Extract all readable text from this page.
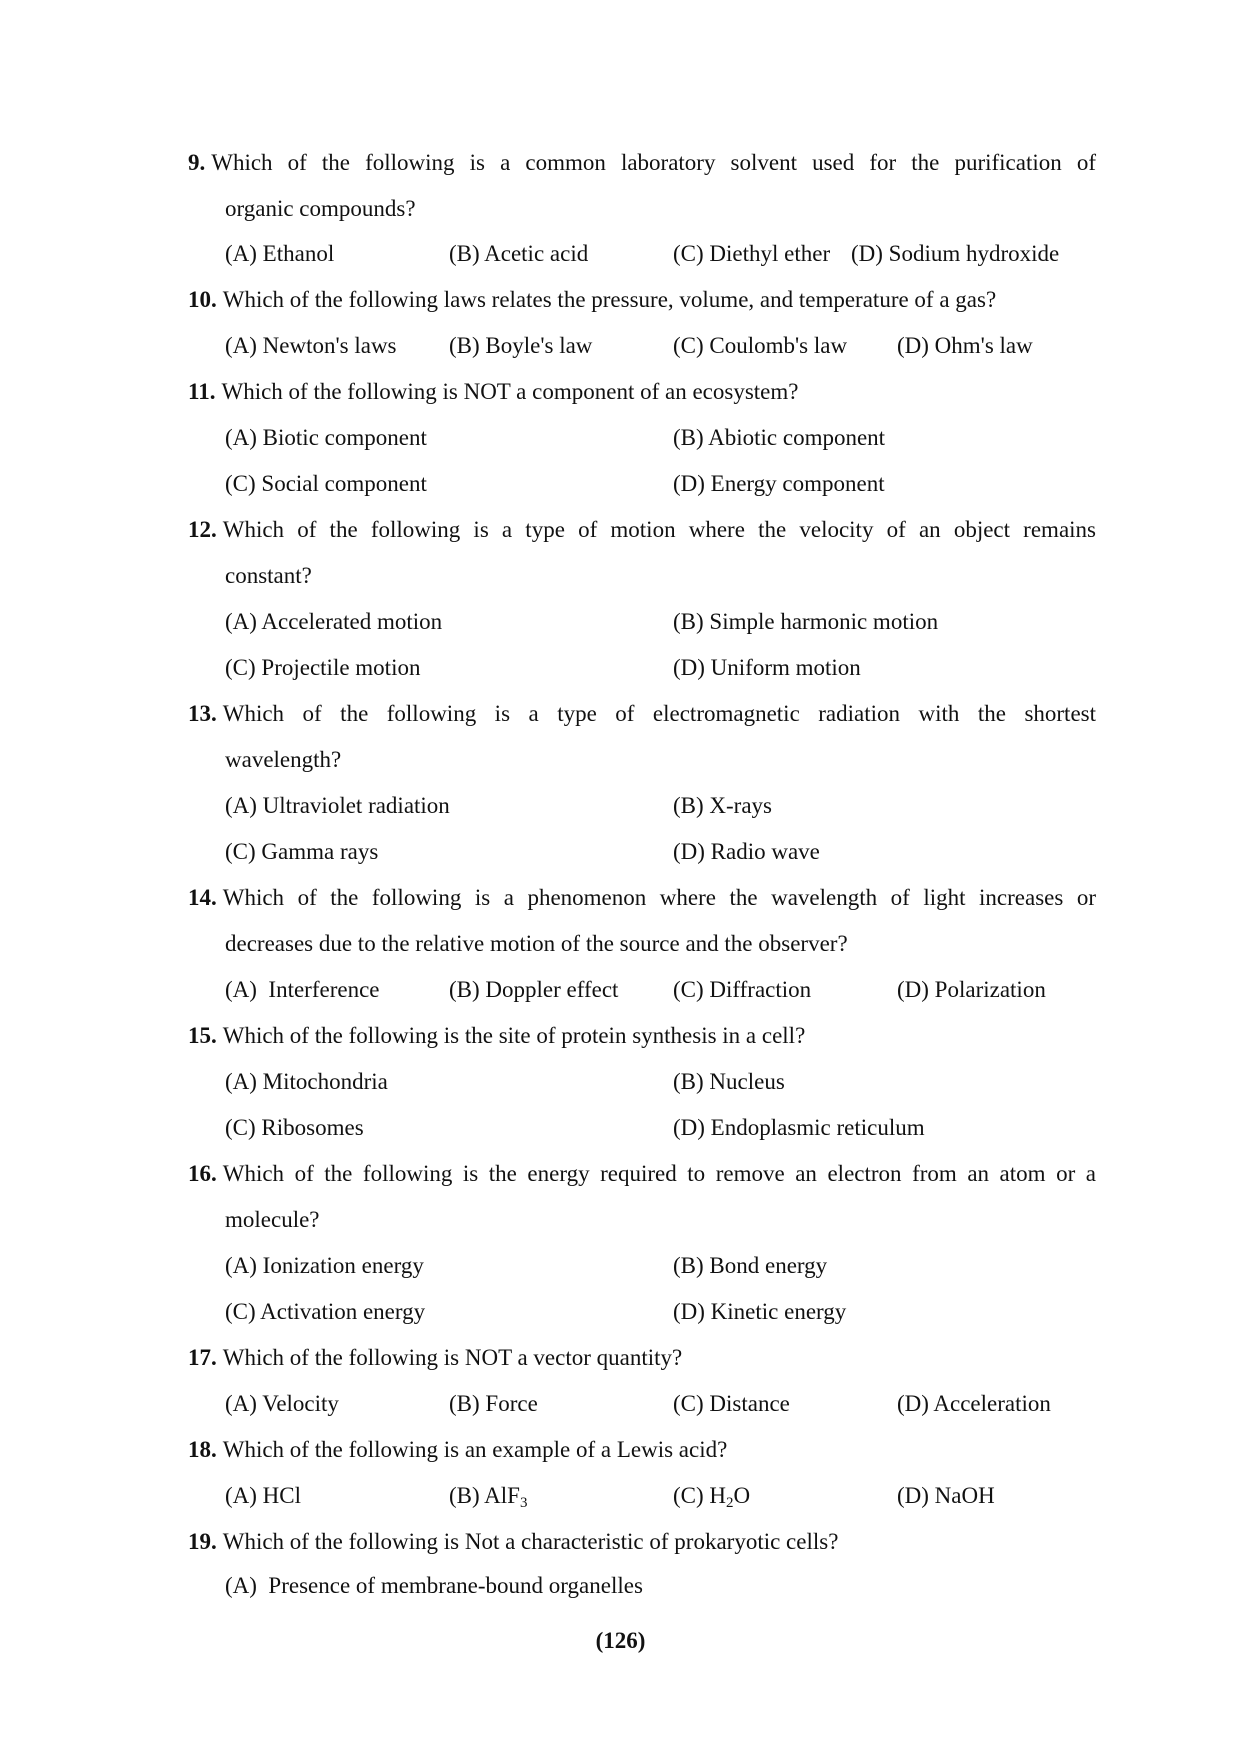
9. Which of the following is a common laboratory solvent used for the purification of
organic compounds?
(A) Ethanol	(B) Acetic acid	(C) Diethyl ether (D) Sodium hydroxide
10. Which of the following laws relates the pressure, volume, and temperature of a gas?
(A) Newton's laws (B) Boyle's law	(C) Coulomb's law (D) Ohm's law
11. Which of the following is NOT a component of an ecosystem?
(A) Biotic component	(B) Abiotic component
(C) Social component	(D) Energy component
12. Which of the following is a type of motion where the velocity of an object remains
constant?
(A) Accelerated motion	(B) Simple harmonic motion
(C) Projectile motion	(D) Uniform motion
13. Which of the following is a type of electromagnetic radiation with the shortest
wavelength?
(A) Ultraviolet radiation	(B) X-rays
(C) Gamma rays	(D) Radio wave
14. Which of the following is a phenomenon where the wavelength of light increases or
decreases due to the relative motion of the source and the observer?
(A)  Interference	(B) Doppler effect (C) Diffraction	(D) Polarization
15. Which of the following is the site of protein synthesis in a cell?
(A) Mitochondria	(B) Nucleus
(C) Ribosomes	(D) Endoplasmic reticulum
16. Which of the following is the energy required to remove an electron from an atom or a
molecule?
(A) Ionization energy	(B) Bond energy
(C) Activation energy	(D) Kinetic energy
17. Which of the following is NOT a vector quantity?
(A) Velocity	(B) Force	(C) Distance	(D) Acceleration
18. Which of the following is an example of a Lewis acid?
(A) HCl	(B) AlF$_3$	(C) $H_2O$	(D) NaOH
19. Which of the following is Not a characteristic of prokaryotic cells?
(A)  Presence of membrane-bound organelles
(126)
